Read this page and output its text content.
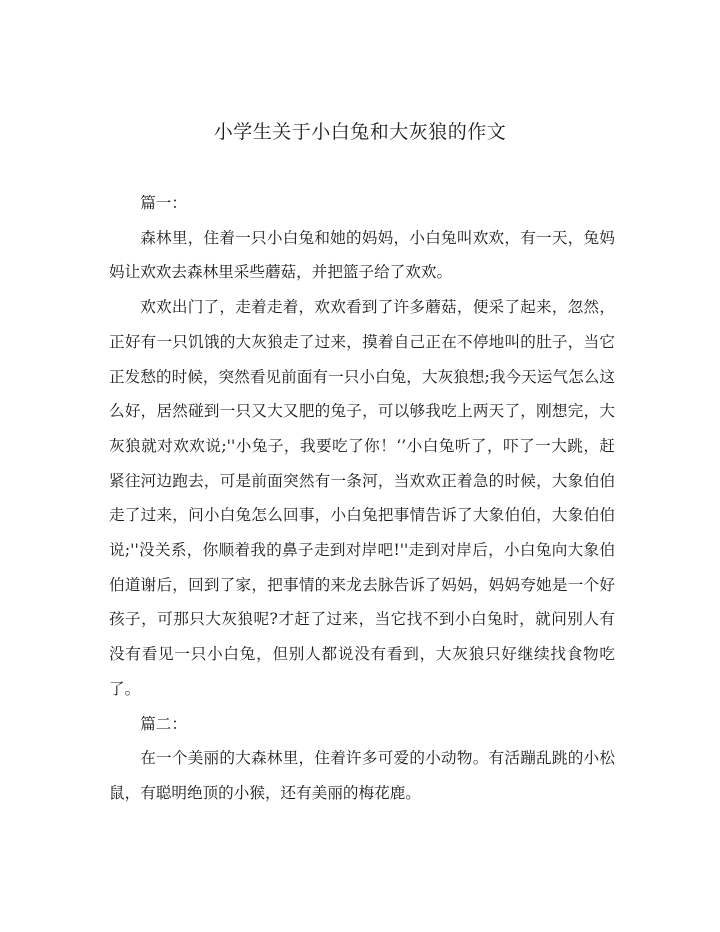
小学生关于小白兔和大灰狼的作文

篇一：

森林里，住着一只小白兔和她的妈妈，小白兔叫欢欢，有一天，兔妈妈让欢欢去森林里采些蘑菇，并把篮子给了欢欢。

欢欢出门了，走着走着，欢欢看到了许多蘑菇，便采了起来，忽然，正好有一只饥饿的大灰狼走了过来，摸着自己正在不停地叫的肚子，当它正发愁的时候，突然看见前面有一只小白兔，大灰狼想;我今天运气怎么这么好，居然碰到一只又大又肥的兔子，可以够我吃上两天了，刚想完，大灰狼就对欢欢说;''小兔子，我要吃了你！‘’小白兔听了，吓了一大跳，赶紧往河边跑去，可是前面突然有一条河，当欢欢正着急的时候，大象伯伯 走了过来，问小白兔怎么回事，小白兔把事情告诉了大象伯伯，大象伯伯说;''没关系，你顺着我的鼻子走到对岸吧!''走到对岸后，小白兔向大象伯伯道谢后，回到了家，把事情的来龙去脉告诉了妈妈，妈妈夸她是一个好孩子，可那只大灰狼呢?才赶了过来，当它找不到小白兔时，就问别人有没有看见一只小白兔，但别人都说没有看到，大灰狼只好继续找食物吃了。

篇二：

在一个美丽的大森林里，住着许多可爱的小动物。有活蹦乱跳的小松鼠，有聪明绝顶的小猴，还有美丽的梅花鹿。
